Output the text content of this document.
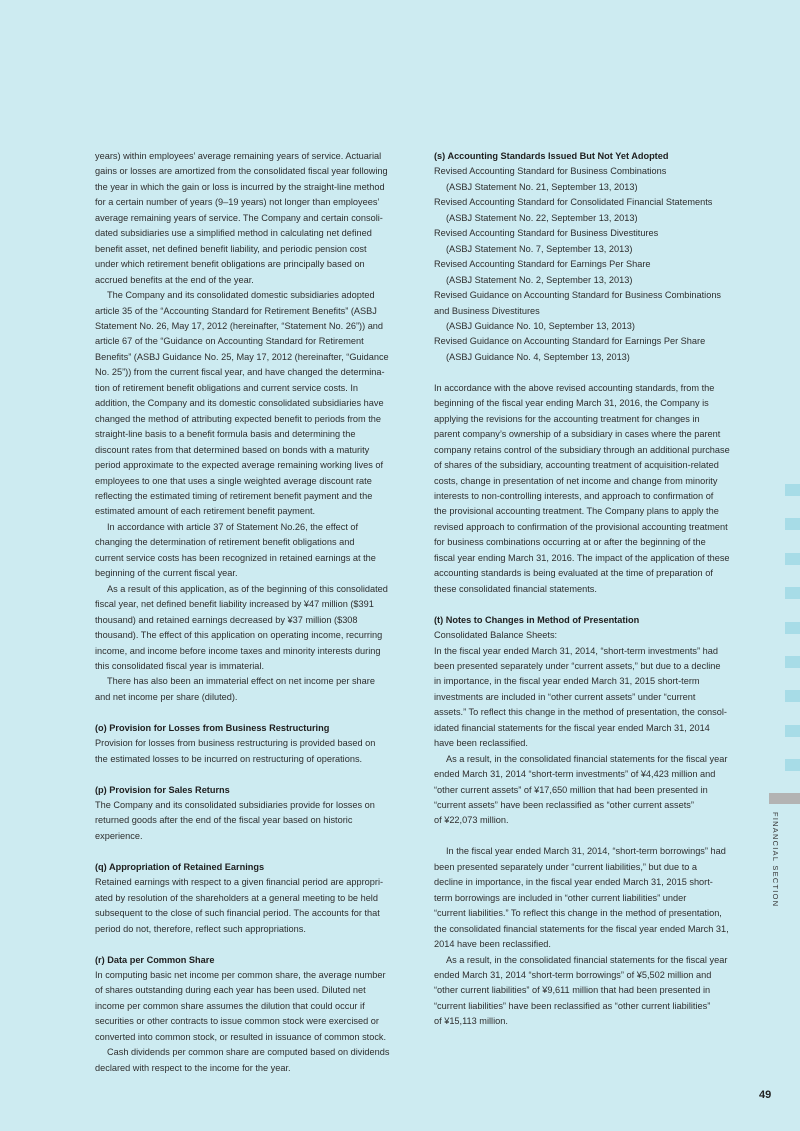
years) within employees’ average remaining years of service. Actuarial
gains or losses are amortized from the consolidated fiscal year following
the year in which the gain or loss is incurred by the straight-line method
for a certain number of years (9–19 years) not longer than employees’
average remaining years of service. The Company and certain consoli-
dated subsidiaries use a simplified method in calculating net defined
benefit asset, net defined benefit liability, and periodic pension cost
under which retirement benefit obligations are principally based on
accrued benefits at the end of the year.
The Company and its consolidated domestic subsidiaries adopted
article 35 of the “Accounting Standard for Retirement Benefits” (ASBJ
Statement No. 26, May 17, 2012 (hereinafter, “Statement No. 26”)) and
article 67 of the “Guidance on Accounting Standard for Retirement
Benefits” (ASBJ Guidance No. 25, May 17, 2012 (hereinafter, “Guidance
No. 25”)) from the current fiscal year, and have changed the determina-
tion of retirement benefit obligations and current service costs. In
addition, the Company and its domestic consolidated subsidiaries have
changed the method of attributing expected benefit to periods from the
straight-line basis to a benefit formula basis and determining the
discount rates from that determined based on bonds with a maturity
period approximate to the expected average remaining working lives of
employees to one that uses a single weighted average discount rate
reflecting the estimated timing of retirement benefit payment and the
estimated amount of each retirement benefit payment.
In accordance with article 37 of Statement No.26, the effect of
changing the determination of retirement benefit obligations and
current service costs has been recognized in retained earnings at the
beginning of the current fiscal year.
As a result of this application, as of the beginning of this consolidated
fiscal year, net defined benefit liability increased by ¥47 million ($391
thousand) and retained earnings decreased by ¥37 million ($308
thousand). The effect of this application on operating income, recurring
income, and income before income taxes and minority interests during
this consolidated fiscal year is immaterial.
There has also been an immaterial effect on net income per share
and net income per share (diluted).
(o) Provision for Losses from Business Restructuring
Provision for losses from business restructuring is provided based on
the estimated losses to be incurred on restructuring of operations.
(p) Provision for Sales Returns
The Company and its consolidated subsidiaries provide for losses on
returned goods after the end of the fiscal year based on historic
experience.
(q) Appropriation of Retained Earnings
Retained earnings with respect to a given financial period are appropri-
ated by resolution of the shareholders at a general meeting to be held
subsequent to the close of such financial period. The accounts for that
period do not, therefore, reflect such appropriations.
(r) Data per Common Share
In computing basic net income per common share, the average number
of shares outstanding during each year has been used. Diluted net
income per common share assumes the dilution that could occur if
securities or other contracts to issue common stock were exercised or
converted into common stock, or resulted in issuance of common stock.
Cash dividends per common share are computed based on dividends
declared with respect to the income for the year.
(s) Accounting Standards Issued But Not Yet Adopted
Revised Accounting Standard for Business Combinations
(ASBJ Statement No. 21, September 13, 2013)
Revised Accounting Standard for Consolidated Financial Statements
(ASBJ Statement No. 22, September 13, 2013)
Revised Accounting Standard for Business Divestitures
(ASBJ Statement No. 7, September 13, 2013)
Revised Accounting Standard for Earnings Per Share
(ASBJ Statement No. 2, September 13, 2013)
Revised Guidance on Accounting Standard for Business Combinations
and Business Divestitures
(ASBJ Guidance No. 10, September 13, 2013)
Revised Guidance on Accounting Standard for Earnings Per Share
(ASBJ Guidance No. 4, September 13, 2013)
In accordance with the above revised accounting standards, from the
beginning of the fiscal year ending March 31, 2016, the Company is
applying the revisions for the accounting treatment for changes in
parent company’s ownership of a subsidiary in cases where the parent
company retains control of the subsidiary through an additional purchase
of shares of the subsidiary, accounting treatment of acquisition-related
costs, change in presentation of net income and change from minority
interests to non-controlling interests, and approach to confirmation of
the provisional accounting treatment. The Company plans to apply the
revised approach to confirmation of the provisional accounting treatment
for business combinations occurring at or after the beginning of the
fiscal year ending March 31, 2016. The impact of the application of these
accounting standards is being evaluated at the time of preparation of
these consolidated financial statements.
(t) Notes to Changes in Method of Presentation
Consolidated Balance Sheets:
In the fiscal year ended March 31, 2014, “short-term investments” had
been presented separately under “current assets,” but due to a decline
in importance, in the fiscal year ended March 31, 2015 short-term
investments are included in “other current assets” under “current
assets.” To reflect this change in the method of presentation, the consol-
idated financial statements for the fiscal year ended March 31, 2014
have been reclassified.
As a result, in the consolidated financial statements for the fiscal year
ended March 31, 2014 “short-term investments” of ¥4,423 million and
“other current assets” of ¥17,650 million that had been presented in
“current assets” have been reclassified as “other current assets”
of ¥22,073 million.
In the fiscal year ended March 31, 2014, “short-term borrowings” had
been presented separately under “current liabilities,” but due to a
decline in importance, in the fiscal year ended March 31, 2015 short-
term borrowings are included in “other current liabilities” under
“current liabilities.” To reflect this change in the method of presentation,
the consolidated financial statements for the fiscal year ended March 31,
2014 have been reclassified.
As a result, in the consolidated financial statements for the fiscal year
ended March 31, 2014 “short-term borrowings” of ¥5,502 million and
“other current liabilities” of ¥9,611 million that had been presented in
“current liabilities” have been reclassified as “other current liabilities”
of ¥15,113 million.
FINANCIAL SECTION
49
